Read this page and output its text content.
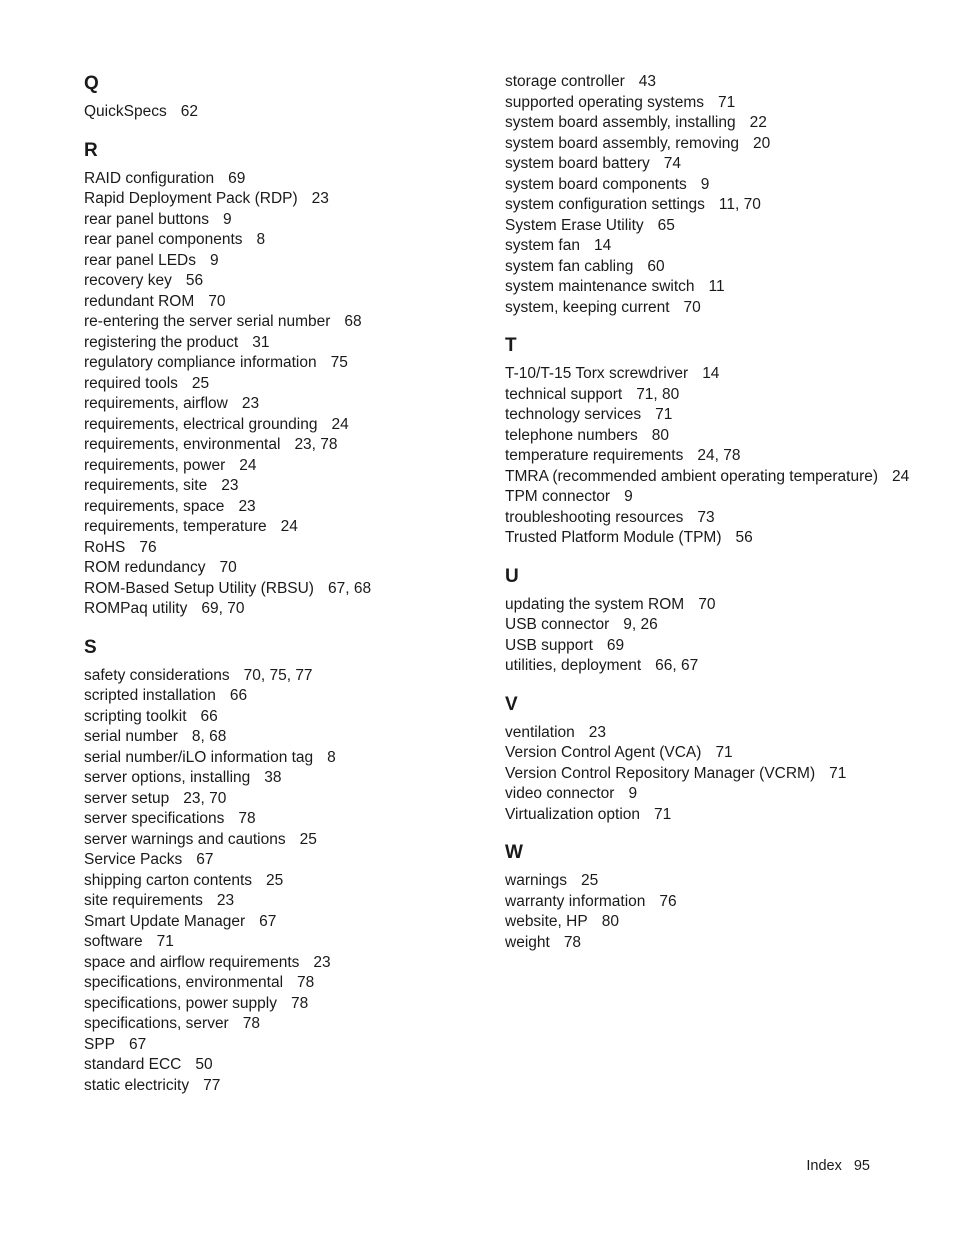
Q
QuickSpecs 62
R
RAID configuration 69
Rapid Deployment Pack (RDP) 23
rear panel buttons 9
rear panel components 8
rear panel LEDs 9
recovery key 56
redundant ROM 70
re-entering the server serial number 68
registering the product 31
regulatory compliance information 75
required tools 25
requirements, airflow 23
requirements, electrical grounding 24
requirements, environmental 23, 78
requirements, power 24
requirements, site 23
requirements, space 23
requirements, temperature 24
RoHS 76
ROM redundancy 70
ROM-Based Setup Utility (RBSU) 67, 68
ROMPaq utility 69, 70
S
safety considerations 70, 75, 77
scripted installation 66
scripting toolkit 66
serial number 8, 68
serial number/iLO information tag 8
server options, installing 38
server setup 23, 70
server specifications 78
server warnings and cautions 25
Service Packs 67
shipping carton contents 25
site requirements 23
Smart Update Manager 67
software 71
space and airflow requirements 23
specifications, environmental 78
specifications, power supply 78
specifications, server 78
SPP 67
standard ECC 50
static electricity 77
storage controller 43
supported operating systems 71
system board assembly, installing 22
system board assembly, removing 20
system board battery 74
system board components 9
system configuration settings 11, 70
System Erase Utility 65
system fan 14
system fan cabling 60
system maintenance switch 11
system, keeping current 70
T
T-10/T-15 Torx screwdriver 14
technical support 71, 80
technology services 71
telephone numbers 80
temperature requirements 24, 78
TMRA (recommended ambient operating temperature) 24
TPM connector 9
troubleshooting resources 73
Trusted Platform Module (TPM) 56
U
updating the system ROM 70
USB connector 9, 26
USB support 69
utilities, deployment 66, 67
V
ventilation 23
Version Control Agent (VCA) 71
Version Control Repository Manager (VCRM) 71
video connector 9
Virtualization option 71
W
warnings 25
warranty information 76
website, HP 80
weight 78
Index 95
